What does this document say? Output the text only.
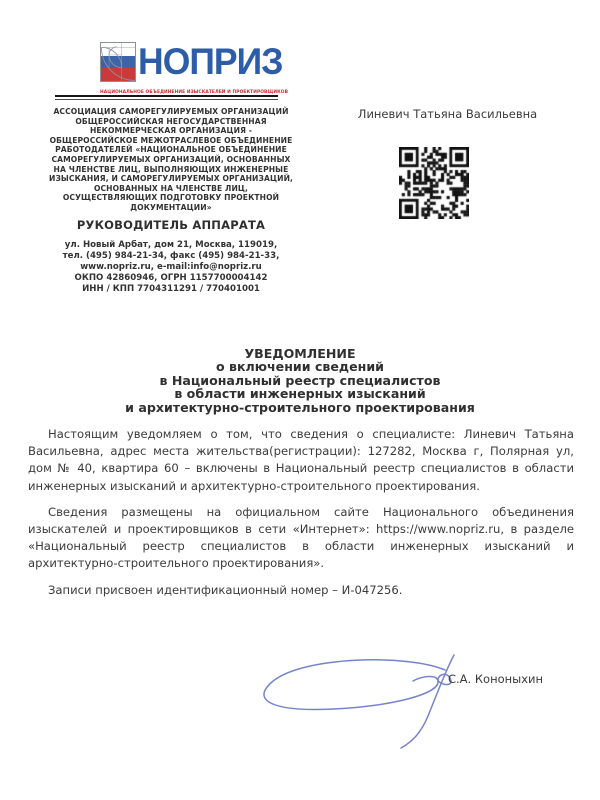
НОПРИЗ
НАЦИОНАЛЬНОЕ ОБЪЕДИНЕНИЕ ИЗЫСКАТЕЛЕЙ И ПРОЕКТИРОВЩИКОВ
АССОЦИАЦИЯ САМОРЕГУЛИРУЕМЫХ ОРГАНИЗАЦИЙ
ОБЩЕРОССИЙСКАЯ НЕГОСУДАРСТВЕННАЯ
НЕКОММЕРЧЕСКАЯ ОРГАНИЗАЦИЯ -
ОБЩЕРОССИЙСКОЕ МЕЖОТРАСЛЕВОЕ ОБЪЕДИНЕНИЕ
РАБОТОДАТЕЛЕЙ «НАЦИОНАЛЬНОЕ ОБЪЕДИНЕНИЕ
САМОРЕГУЛИРУЕМЫХ ОРГАНИЗАЦИЙ, ОСНОВАННЫХ
НА ЧЛЕНСТВЕ ЛИЦ, ВЫПОЛНЯЮЩИХ ИНЖЕНЕРНЫЕ
ИЗЫСКАНИЯ, И САМОРЕГУЛИРУЕМЫХ ОРГАНИЗАЦИЙ,
ОСНОВАННЫХ НА ЧЛЕНСТВЕ ЛИЦ,
ОСУЩЕСТВЛЯЮЩИХ ПОДГОТОВКУ ПРОЕКТНОЙ
ДОКУМЕНТАЦИИ»
РУКОВОДИТЕЛЬ АППАРАТА
ул. Новый Арбат, дом 21, Москва, 119019,
тел. (495) 984-21-34, факс (495) 984-21-33,
www.nopriz.ru, e-mail:info@nopriz.ru
ОКПО 42860946, ОГРН 1157700004142
ИНН / КПП 7704311291 / 770401001
Линевич Татьяна Васильевна
УВЕДОМЛЕНИЕ
о включении сведений
в Национальный реестр специалистов
в области инженерных изысканий
и архитектурно-строительного проектирования

Настоящим уведомляем о том, что сведения о специалисте: Линевич Татьяна Васильевна, адрес места жительства(регистрации): 127282, Москва г, Полярная ул, дом № 40, квартира 60 – включены в Национальный реестр специалистов в области инженерных изысканий и архитектурно-строительного проектирования.

Сведения размещены на официальном сайте Национального объединения изыскателей и проектировщиков в сети «Интернет»: https://www.nopriz.ru, в разделе «Национальный реестр специалистов в области инженерных изысканий и архитектурно-строительного проектирования».

Записи присвоен идентификационный номер – И-047256.

С.А. Кононыхин
